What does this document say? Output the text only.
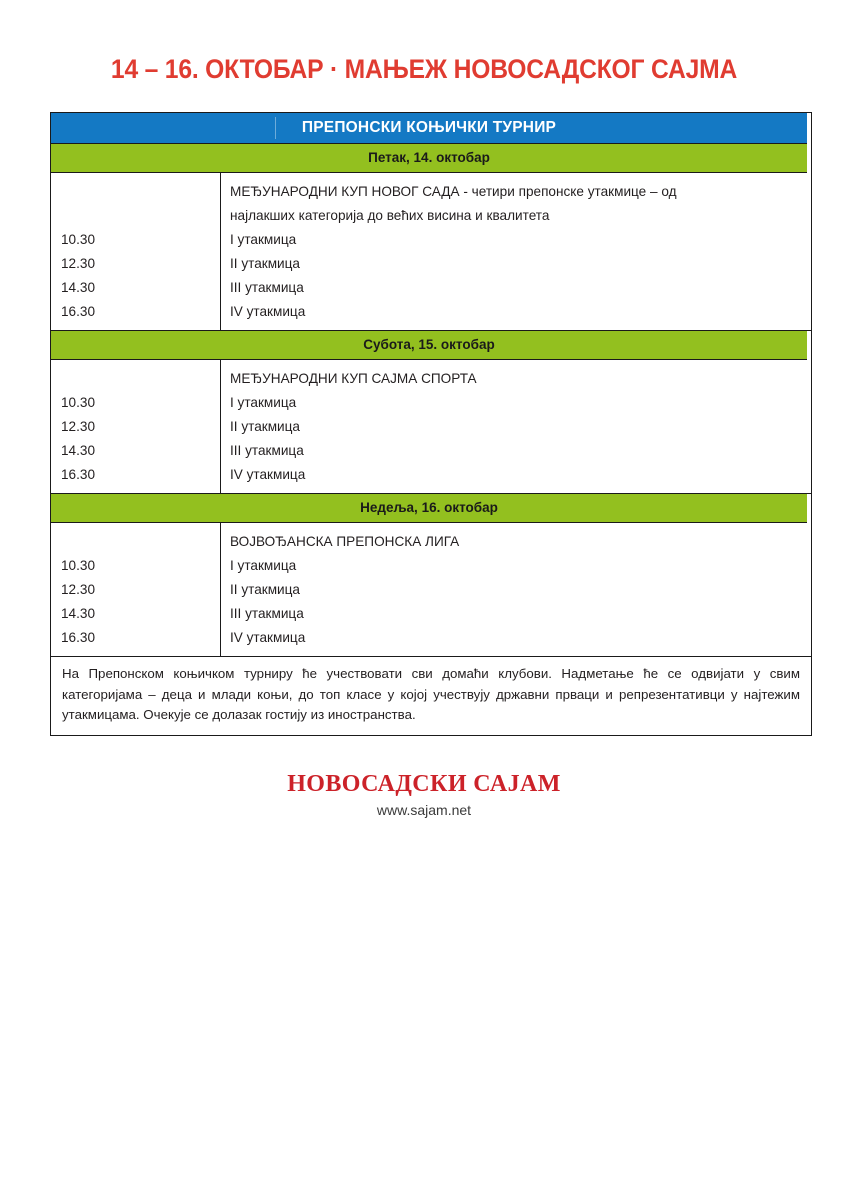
14 – 16. ОКТОБАР · МАЊЕЖ НОВОСАДСКОГ САЈМА
ПРЕПОНСКИ КОЊИЧКИ ТУРНИР
Петак, 14. октобар
10.30
12.30
14.30
16.30
МЕЂУНАРОДНИ КУП НОВОГ САДА - четири препонске утакмице – од
најлакших категорија до већих висина и квалитета
I утакмица
II утакмица
III утакмица
IV утакмица
Субота, 15. октобар
10.30
12.30
14.30
16.30
МЕЂУНАРОДНИ КУП САЈМА СПОРТА
I утакмица
II утакмица
III утакмица
IV утакмица
Недеља, 16. октобар
10.30
12.30
14.30
16.30
ВОЈВОЂАНСКА ПРЕПОНСКА ЛИГА
I утакмица
II утакмица
III утакмица
IV утакмица
На Препонском коњичком турниру ће учествовати сви домаћи клубови. Надметање ће се одвијати у свим категоријама – деца и млади коњи, до топ класе у којој учествују државни прваци и репрезентативци у најтежим утакмицама. Очекује се долазак гостију из иностранства.
НОВОСАДСКИ САЈАМ
www.sajam.net
